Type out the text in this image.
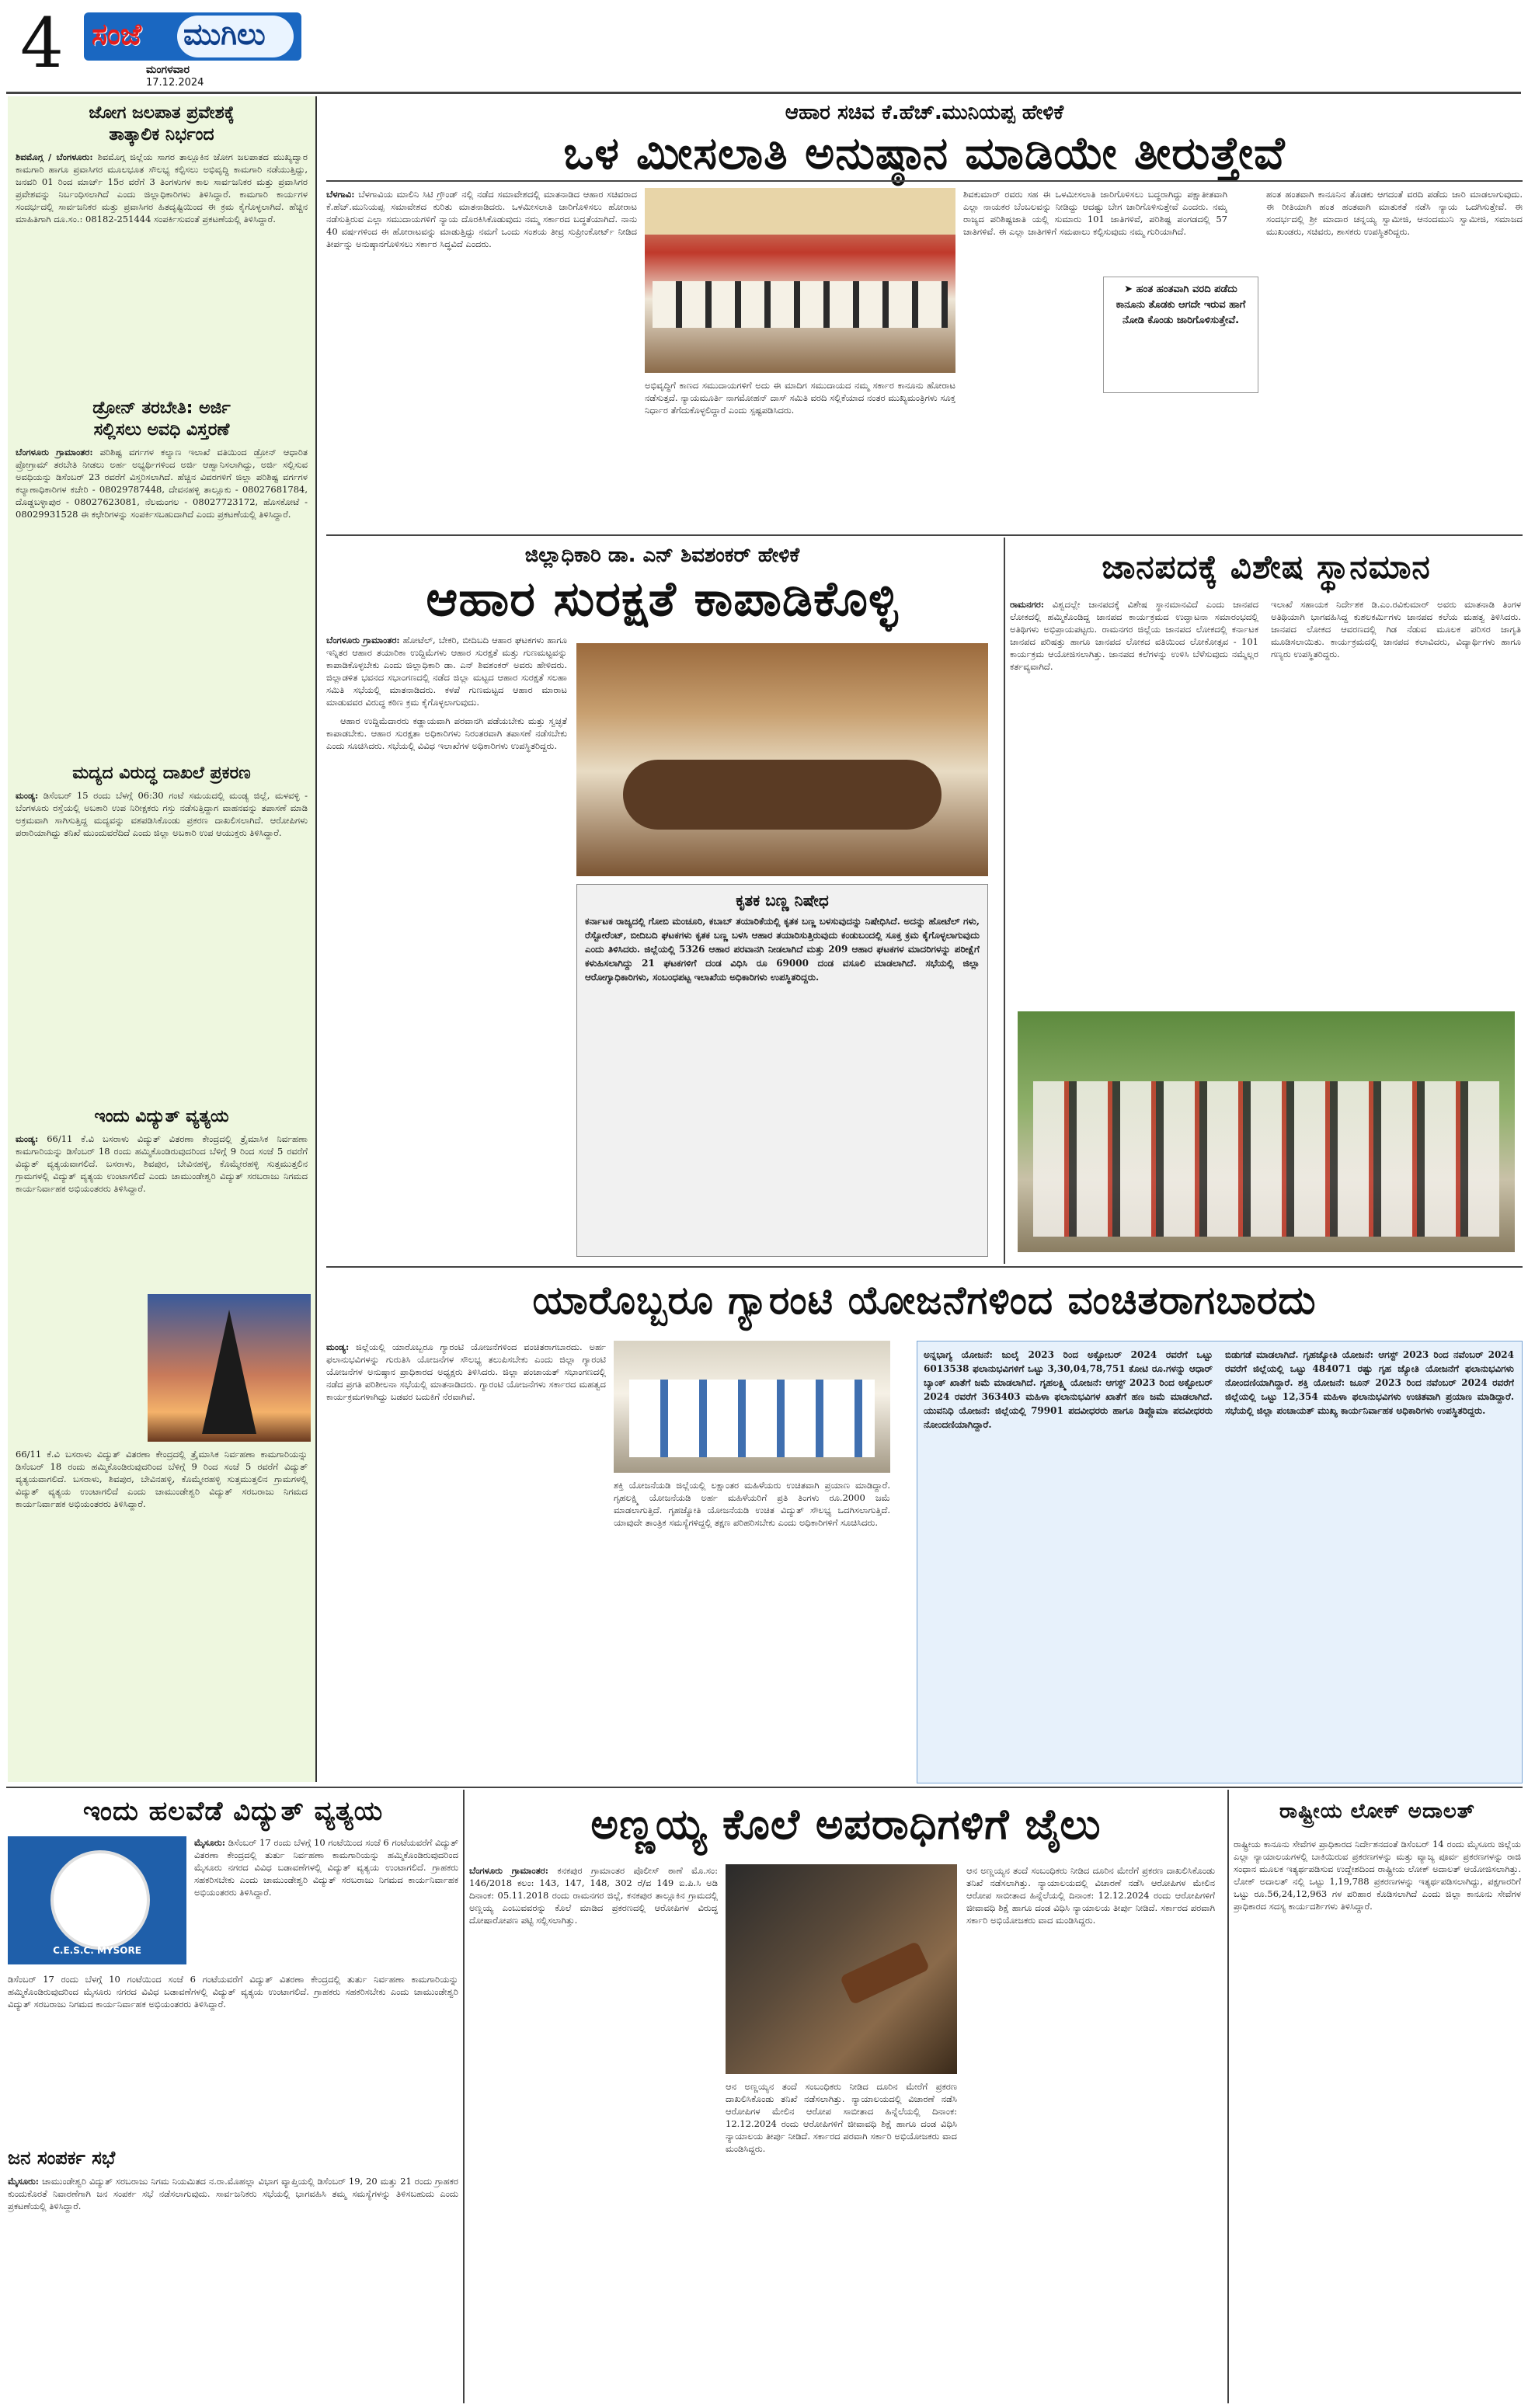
4 ಸಂಜೆ ಮುಗಿಲು
ಮಂಗಳವಾರ
17.12.2024
ಜೋಗ ಜಲಪಾತ ಪ್ರವೇಶಕ್ಕೆ
ತಾತ್ಕಾಲಿಕ ನಿರ್ಭಂದ
ಶಿವಮೊಗ್ಗ / ಬೆಂಗಳೂರು: ಶಿವಮೊಗ್ಗ ಜಿಲ್ಲೆಯ ಸಾಗರ ತಾಲ್ಲೂಕಿನ ಜೋಗ ಜಲಪಾತದ ಮುಖ್ಯದ್ವಾರ ಕಾಮಗಾರಿ ಹಾಗೂ ಪ್ರವಾಸಿಗರ ಮೂಲಭೂತ ಸೌಲಭ್ಯ ಕಲ್ಪಿಸಲು ಅಭಿವೃದ್ಧಿ ಕಾಮಗಾರಿ ನಡೆಯುತ್ತಿದ್ದು, ಜನವರಿ 01 ರಿಂದ ಮಾರ್ಚ್ 15ರ ವರೆಗೆ 3 ತಿಂಗಳುಗಳ ಕಾಲ ಸಾರ್ವಜನಿಕರ ಮತ್ತು ಪ್ರವಾಸಿಗರ ಪ್ರವೇಶವನ್ನು ನಿರ್ಬಂಧಿಸಲಾಗಿದೆ ಎಂದು ಜಿಲ್ಲಾಧಿಕಾರಿಗಳು ತಿಳಿಸಿದ್ದಾರೆ. ಕಾಮಗಾರಿ ಕಾರ್ಯಗಳ ಸಂದರ್ಭದಲ್ಲಿ ಸಾರ್ವಜನಿಕರ ಮತ್ತು ಪ್ರವಾಸಿಗರ ಹಿತದೃಷ್ಟಿಯಿಂದ ಈ ಕ್ರಮ ಕೈಗೊಳ್ಳಲಾಗಿದೆ. ಹೆಚ್ಚಿನ ಮಾಹಿತಿಗಾಗಿ ದೂ.ಸಂ.: 08182-251444 ಸಂಪರ್ಕಿಸುವಂತೆ ಪ್ರಕಟಣೆಯಲ್ಲಿ ತಿಳಿಸಿದ್ದಾರೆ.
ಡ್ರೋನ್ ತರಬೇತಿ: ಅರ್ಜಿ
ಸಲ್ಲಿಸಲು ಅವಧಿ ವಿಸ್ತರಣೆ
ಬೆಂಗಳೂರು ಗ್ರಾಮಾಂತರ: ಪರಿಶಿಷ್ಟ ವರ್ಗಗಳ ಕಲ್ಯಾಣ ಇಲಾಖೆ ವತಿಯಿಂದ ಡ್ರೋನ್ ಆಧಾರಿತ ಪ್ರೋಗ್ರಾಮ್ ತರಬೇತಿ ನೀಡಲು ಅರ್ಹ ಅಭ್ಯರ್ಥಿಗಳಿಂದ ಅರ್ಜಿ ಆಹ್ವಾನಿಸಲಾಗಿದ್ದು, ಅರ್ಜಿ ಸಲ್ಲಿಸುವ ಅವಧಿಯನ್ನು ಡಿಸೆಂಬರ್ 23 ರವರೆಗೆ ವಿಸ್ತರಿಸಲಾಗಿದೆ. ಹೆಚ್ಚಿನ ವಿವರಗಳಿಗೆ ಜಿಲ್ಲಾ ಪರಿಶಿಷ್ಟ ವರ್ಗಗಳ ಕಲ್ಯಾಣಾಧಿಕಾರಿಗಳ ಕಚೇರಿ - 08029787448, ದೇವನಹಳ್ಳಿ ತಾಲ್ಲೂಕು - 08027681784, ದೊಡ್ಡಬಳ್ಳಾಪುರ - 08027623081, ನೆಲಮಂಗಲ - 08027723172, ಹೊಸಕೋಟೆ - 08029931528 ಈ ಕಛೇರಿಗಳನ್ನು ಸಂಪರ್ಕಿಸಬಹುದಾಗಿದೆ ಎಂದು ಪ್ರಕಟಣೆಯಲ್ಲಿ ತಿಳಿಸಿದ್ದಾರೆ.
ಮದ್ಯದ ವಿರುದ್ಧ ದಾಖಲೆ ಪ್ರಕರಣ
ಮಂಡ್ಯ: ಡಿಸೆಂಬರ್ 15 ರಂದು ಬೆಳಗ್ಗೆ 06:30 ಗಂಟೆ ಸಮಯದಲ್ಲಿ ಮಂಡ್ಯ ಜಿಲ್ಲೆ, ಮಳವಳ್ಳಿ - ಬೆಂಗಳೂರು ರಸ್ತೆಯಲ್ಲಿ ಅಬಕಾರಿ ಉಪ ನಿರೀಕ್ಷಕರು ಗಸ್ತು ನಡೆಸುತ್ತಿದ್ದಾಗ ವಾಹನವನ್ನು ತಪಾಸಣೆ ಮಾಡಿ ಅಕ್ರಮವಾಗಿ ಸಾಗಿಸುತ್ತಿದ್ದ ಮದ್ಯವನ್ನು ವಶಪಡಿಸಿಕೊಂಡು ಪ್ರಕರಣ ದಾಖಲಿಸಲಾಗಿದೆ. ಆರೋಪಿಗಳು ಪರಾರಿಯಾಗಿದ್ದು ತನಿಖೆ ಮುಂದುವರೆದಿದೆ ಎಂದು ಜಿಲ್ಲಾ ಅಬಕಾರಿ ಉಪ ಆಯುಕ್ತರು ತಿಳಿಸಿದ್ದಾರೆ.
ಇಂದು ವಿದ್ಯುತ್ ವ್ಯತ್ಯಯ
ಮಂಡ್ಯ: 66/11 ಕೆ.ವಿ ಬಸರಾಳು ವಿದ್ಯುತ್ ವಿತರಣಾ ಕೇಂದ್ರದಲ್ಲಿ ತ್ರೈಮಾಸಿಕ ನಿರ್ವಹಣಾ ಕಾಮಗಾರಿಯನ್ನು ಡಿಸೆಂಬರ್ 18 ರಂದು ಹಮ್ಮಿಕೊಂಡಿರುವುದರಿಂದ ಬೆಳಿಗ್ಗೆ 9 ರಿಂದ ಸಂಜೆ 5 ರವರೆಗೆ ವಿದ್ಯುತ್ ವ್ಯತ್ಯಯವಾಗಲಿದೆ. ಬಸರಾಳು, ಶಿವಪುರ, ಬೇವಿನಹಳ್ಳಿ, ಕೊಮ್ಮೇರಹಳ್ಳಿ ಸುತ್ತಮುತ್ತಲಿನ ಗ್ರಾಮಗಳಲ್ಲಿ ವಿದ್ಯುತ್ ವ್ಯತ್ಯಯ ಉಂಟಾಗಲಿದೆ ಎಂದು ಚಾಮುಂಡೇಶ್ವರಿ ವಿದ್ಯುತ್ ಸರಬರಾಜು ನಿಗಮದ ಕಾರ್ಯನಿರ್ವಾಹಕ ಅಭಿಯಂತರರು ತಿಳಿಸಿದ್ದಾರೆ.
66/11 ಕೆ.ವಿ ಬಸರಾಳು ವಿದ್ಯುತ್ ವಿತರಣಾ ಕೇಂದ್ರದಲ್ಲಿ ತ್ರೈಮಾಸಿಕ ನಿರ್ವಹಣಾ ಕಾಮಗಾರಿಯನ್ನು ಡಿಸೆಂಬರ್ 18 ರಂದು ಹಮ್ಮಿಕೊಂಡಿರುವುದರಿಂದ ಬೆಳಿಗ್ಗೆ 9 ರಿಂದ ಸಂಜೆ 5 ರವರೆಗೆ ವಿದ್ಯುತ್ ವ್ಯತ್ಯಯವಾಗಲಿದೆ. ಬಸರಾಳು, ಶಿವಪುರ, ಬೇವಿನಹಳ್ಳಿ, ಕೊಮ್ಮೇರಹಳ್ಳಿ ಸುತ್ತಮುತ್ತಲಿನ ಗ್ರಾಮಗಳಲ್ಲಿ ವಿದ್ಯುತ್ ವ್ಯತ್ಯಯ ಉಂಟಾಗಲಿದೆ ಎಂದು ಚಾಮುಂಡೇಶ್ವರಿ ವಿದ್ಯುತ್ ಸರಬರಾಜು ನಿಗಮದ ಕಾರ್ಯನಿರ್ವಾಹಕ ಅಭಿಯಂತರರು ತಿಳಿಸಿದ್ದಾರೆ.
ಆಹಾರ ಸಚಿವ ಕೆ.ಹೆಚ್.ಮುನಿಯಪ್ಪ ಹೇಳಿಕೆ
ಒಳ ಮೀಸಲಾತಿ ಅನುಷ್ಠಾನ ಮಾಡಿಯೇ ತೀರುತ್ತೇವೆ
ಬೆಳಗಾವಿ: ಬೆಳಗಾವಿಯ ಮಾಲಿನಿ ಸಿಟಿ ಗ್ರೌಂಡ್ ನಲ್ಲಿ ನಡೆದ ಸಮಾವೇಶದಲ್ಲಿ ಮಾತನಾಡಿದ ಆಹಾರ ಸಚಿವರಾದ ಕೆ.ಹೆಚ್.ಮುನಿಯಪ್ಪ ಸಮಾವೇಶದ ಕುರಿತು ಮಾತನಾಡಿದರು. ಒಳಮೀಸಲಾತಿ ಜಾರಿಗೊಳಿಸಲು ಹೋರಾಟ ನಡೆಸುತ್ತಿರುವ ಎಲ್ಲಾ ಸಮುದಾಯಗಳಿಗೆ ನ್ಯಾಯ ದೊರಕಿಸಿಕೊಡುವುದು ನಮ್ಮ ಸರ್ಕಾರದ ಬದ್ಧತೆಯಾಗಿದೆ. ನಾನು 40 ವರ್ಷಗಳಿಂದ ಈ ಹೋರಾಟವನ್ನು ಮಾಡುತ್ತಿದ್ದು ನಮಗೆ ಒಂದು ಸಂಶಯ ತೀವ್ರ ಸುಪ್ರೀಂಕೋರ್ಟ್ ನೀಡಿದ ತೀರ್ಪನ್ನು ಅನುಷ್ಠಾನಗೊಳಿಸಲು ಸರ್ಕಾರ ಸಿದ್ಧವಿದೆ ಎಂದರು.
ಅಭಿವೃದ್ಧಿಗೆ ಕಾಣದ ಸಮುದಾಯಗಳಿಗೆ ಅದು ಈ ಮಾದಿಗ ಸಮುದಾಯದ ನಮ್ಮ ಸರ್ಕಾರ ಕಾನೂನು ಹೋರಾಟ ನಡೆಸುತ್ತದೆ. ನ್ಯಾಯಮೂರ್ತಿ ನಾಗಮೋಹನ್ ದಾಸ್ ಸಮಿತಿ ವರದಿ ಸಲ್ಲಿಕೆಯಾದ ನಂತರ ಮುಖ್ಯಮಂತ್ರಿಗಳು ಸೂಕ್ತ ನಿರ್ಧಾರ ತೆಗೆದುಕೊಳ್ಳಲಿದ್ದಾರೆ ಎಂದು ಸ್ಪಷ್ಟಪಡಿಸಿದರು.
ಶಿವಕುಮಾರ್ ರವರು ಸಹ ಈ ಒಳಮೀಸಲಾತಿ ಜಾರಿಗೊಳಿಸಲು ಬದ್ಧರಾಗಿದ್ದು ಪಕ್ಷಾತೀತವಾಗಿ ಎಲ್ಲಾ ನಾಯಕರ ಬೆಂಬಲವನ್ನು ನೀಡಿದ್ದು ಆದಷ್ಟು ಬೇಗ ಜಾರಿಗೊಳಿಸುತ್ತೇವೆ ಎಂದರು. ನಮ್ಮ ರಾಜ್ಯದ ಪರಿಶಿಷ್ಟಜಾತಿ ಯಲ್ಲಿ ಸುಮಾರು 101 ಜಾತಿಗಳಿವೆ, ಪರಿಶಿಷ್ಟ ಪಂಗಡದಲ್ಲಿ 57 ಜಾತಿಗಳಿವೆ. ಈ ಎಲ್ಲಾ ಜಾತಿಗಳಿಗೆ ಸಮಪಾಲು ಕಲ್ಪಿಸುವುದು ನಮ್ಮ ಗುರಿಯಾಗಿದೆ.
➤ ಹಂತ ಹಂತವಾಗಿ ವರದಿ ಪಡೆದು ಕಾನೂನು ತೊಡಕು ಆಗದೇ ಇರುವ ಹಾಗೆ ನೋಡಿ ಕೊಂಡು ಜಾರಿಗೊಳಿಸುತ್ತೇವೆ.
ಹಂತ ಹಂತವಾಗಿ ಕಾನೂನಿನ ತೊಡಕು ಆಗದಂತೆ ವರದಿ ಪಡೆದು ಜಾರಿ ಮಾಡಲಾಗುವುದು. ಈ ರೀತಿಯಾಗಿ ಹಂತ ಹಂತವಾಗಿ ಮಾತುಕತೆ ನಡೆಸಿ ನ್ಯಾಯ ಒದಗಿಸುತ್ತೇವೆ. ಈ ಸಂದರ್ಭದಲ್ಲಿ ಶ್ರೀ ಮಾದಾರ ಚನ್ನಯ್ಯ ಸ್ವಾಮೀಜಿ, ಆನಂದಮುನಿ ಸ್ವಾಮೀಜಿ, ಸಮಾಜದ ಮುಖಂಡರು, ಸಚಿವರು, ಶಾಸಕರು ಉಪಸ್ಥಿತರಿದ್ದರು.
ಜಿಲ್ಲಾಧಿಕಾರಿ ಡಾ. ಎನ್ ಶಿವಶಂಕರ್ ಹೇಳಿಕೆ
ಆಹಾರ ಸುರಕ್ಷತೆ ಕಾಪಾಡಿಕೊಳ್ಳಿ
ಬೆಂಗಳೂರು ಗ್ರಾಮಾಂತರ: ಹೋಟೆಲ್, ಬೇಕರಿ, ಬೀದಿಬದಿ ಆಹಾರ ಘಟಕಗಳು ಹಾಗೂ ಇನ್ನಿತರ ಆಹಾರ ತಯಾರಿಕಾ ಉದ್ದಿಮೆಗಳು ಆಹಾರ ಸುರಕ್ಷತೆ ಮತ್ತು ಗುಣಮಟ್ಟವನ್ನು ಕಾಪಾಡಿಕೊಳ್ಳಬೇಕು ಎಂದು ಜಿಲ್ಲಾಧಿಕಾರಿ ಡಾ. ಎನ್ ಶಿವಶಂಕರ್ ಅವರು ಹೇಳಿದರು. ಜಿಲ್ಲಾಡಳಿತ ಭವನದ ಸಭಾಂಗಣದಲ್ಲಿ ನಡೆದ ಜಿಲ್ಲಾ ಮಟ್ಟದ ಆಹಾರ ಸುರಕ್ಷತೆ ಸಲಹಾ ಸಮಿತಿ ಸಭೆಯಲ್ಲಿ ಮಾತನಾಡಿದರು. ಕಳಪೆ ಗುಣಮಟ್ಟದ ಆಹಾರ ಮಾರಾಟ ಮಾಡುವವರ ವಿರುದ್ಧ ಕಠಿಣ ಕ್ರಮ ಕೈಗೊಳ್ಳಲಾಗುವುದು.

ಆಹಾರ ಉದ್ದಿಮೆದಾರರು ಕಡ್ಡಾಯವಾಗಿ ಪರವಾನಗಿ ಪಡೆಯಬೇಕು ಮತ್ತು ಸ್ವಚ್ಛತೆ ಕಾಪಾಡಬೇಕು. ಆಹಾರ ಸುರಕ್ಷತಾ ಅಧಿಕಾರಿಗಳು ನಿರಂತರವಾಗಿ ತಪಾಸಣೆ ನಡೆಸಬೇಕು ಎಂದು ಸೂಚಿಸಿದರು. ಸಭೆಯಲ್ಲಿ ವಿವಿಧ ಇಲಾಖೆಗಳ ಅಧಿಕಾರಿಗಳು ಉಪಸ್ಥಿತರಿದ್ದರು.

ಕೃತಕ ಬಣ್ಣ ನಿಷೇಧ
ಕರ್ನಾಟಕ ರಾಜ್ಯದಲ್ಲಿ ಗೋಬಿ ಮಂಚೂರಿ, ಕಬಾಬ್ ತಯಾರಿಕೆಯಲ್ಲಿ ಕೃತಕ ಬಣ್ಣ ಬಳಸುವುದನ್ನು ನಿಷೇಧಿಸಿದೆ. ಅದನ್ನು ಹೋಟೆಲ್ ಗಳು, ರೆಸ್ಟೋರೆಂಟ್, ಬೀದಿಬದಿ ಘಟಕಗಳು ಕೃತಕ ಬಣ್ಣ ಬಳಸಿ ಆಹಾರ ತಯಾರಿಸುತ್ತಿರುವುದು ಕಂಡುಬಂದಲ್ಲಿ ಸೂಕ್ತ ಕ್ರಮ ಕೈಗೊಳ್ಳಲಾಗುವುದು ಎಂದು ತಿಳಿಸಿದರು. ಜಿಲ್ಲೆಯಲ್ಲಿ 5326 ಆಹಾರ ಪರವಾನಗಿ ನೀಡಲಾಗಿದೆ ಮತ್ತು 209 ಆಹಾರ ಘಟಕಗಳ ಮಾದರಿಗಳನ್ನು ಪರೀಕ್ಷೆಗೆ ಕಳುಹಿಸಲಾಗಿದ್ದು 21 ಘಟಕಗಳಿಗೆ ದಂಡ ವಿಧಿಸಿ ರೂ 69000 ದಂಡ ವಸೂಲಿ ಮಾಡಲಾಗಿದೆ. ಸಭೆಯಲ್ಲಿ ಜಿಲ್ಲಾ ಆರೋಗ್ಯಾಧಿಕಾರಿಗಳು, ಸಂಬಂಧಪಟ್ಟ ಇಲಾಖೆಯ ಅಧಿಕಾರಿಗಳು ಉಪಸ್ಥಿತರಿದ್ದರು.
ಜಾನಪದಕ್ಕೆ ವಿಶೇಷ ಸ್ಥಾನಮಾನ
ರಾಮನಗರ: ವಿಶ್ವದಲ್ಲೇ ಜಾನಪದಕ್ಕೆ ವಿಶೇಷ ಸ್ಥಾನಮಾನವಿದೆ ಎಂದು ಜಾನಪದ ಲೋಕದಲ್ಲಿ ಹಮ್ಮಿಕೊಂಡಿದ್ದ ಜಾನಪದ ಕಾರ್ಯಕ್ರಮದ ಉದ್ಘಾಟನಾ ಸಮಾರಂಭದಲ್ಲಿ ಅತಿಥಿಗಳು ಅಭಿಪ್ರಾಯಪಟ್ಟರು. ರಾಮನಗರ ಜಿಲ್ಲೆಯ ಜಾನಪದ ಲೋಕದಲ್ಲಿ ಕರ್ನಾಟಕ ಜಾನಪದ ಪರಿಷತ್ತು ಹಾಗೂ ಜಾನಪದ ಲೋಕದ ವತಿಯಿಂದ ಲೋಕೋತ್ಸವ - 101 ಕಾರ್ಯಕ್ರಮ ಆಯೋಜಿಸಲಾಗಿತ್ತು. ಜಾನಪದ ಕಲೆಗಳನ್ನು ಉಳಿಸಿ ಬೆಳೆಸುವುದು ನಮ್ಮೆಲ್ಲರ ಕರ್ತವ್ಯವಾಗಿದೆ.
ಇಲಾಖೆ ಸಹಾಯಕ ನಿರ್ದೇಶಕ ಡಿ.ಎಂ.ರವಿಕುಮಾರ್ ಅವರು ಮಾತನಾಡಿ ತಿಂಗಳ ಅತಿಥಿಯಾಗಿ ಭಾಗವಹಿಸಿದ್ದ ಕುಶಲಕರ್ಮಿಗಳು ಜಾನಪದ ಕಲೆಯ ಮಹತ್ವ ತಿಳಿಸಿದರು. ಜಾನಪದ ಲೋಕದ ಆವರಣದಲ್ಲಿ ಗಿಡ ನೆಡುವ ಮೂಲಕ ಪರಿಸರ ಜಾಗೃತಿ ಮೂಡಿಸಲಾಯಿತು. ಕಾರ್ಯಕ್ರಮದಲ್ಲಿ ಜಾನಪದ ಕಲಾವಿದರು, ವಿದ್ಯಾರ್ಥಿಗಳು ಹಾಗೂ ಗಣ್ಯರು ಉಪಸ್ಥಿತರಿದ್ದರು.
ಯಾರೊಬ್ಬರೂ ಗ್ಯಾರಂಟಿ ಯೋಜನೆಗಳಿಂದ ವಂಚಿತರಾಗಬಾರದು
ಮಂಡ್ಯ: ಜಿಲ್ಲೆಯಲ್ಲಿ ಯಾರೊಬ್ಬರೂ ಗ್ಯಾರಂಟಿ ಯೋಜನೆಗಳಿಂದ ವಂಚಿತರಾಗಬಾರದು. ಅರ್ಹ ಫಲಾನುಭವಿಗಳನ್ನು ಗುರುತಿಸಿ ಯೋಜನೆಗಳ ಸೌಲಭ್ಯ ತಲುಪಿಸಬೇಕು ಎಂದು ಜಿಲ್ಲಾ ಗ್ಯಾರಂಟಿ ಯೋಜನೆಗಳ ಅನುಷ್ಠಾನ ಪ್ರಾಧಿಕಾರದ ಅಧ್ಯಕ್ಷರು ತಿಳಿಸಿದರು. ಜಿಲ್ಲಾ ಪಂಚಾಯತ್ ಸಭಾಂಗಣದಲ್ಲಿ ನಡೆದ ಪ್ರಗತಿ ಪರಿಶೀಲನಾ ಸಭೆಯಲ್ಲಿ ಮಾತನಾಡಿದರು. ಗ್ಯಾರಂಟಿ ಯೋಜನೆಗಳು ಸರ್ಕಾರದ ಮಹತ್ವದ ಕಾರ್ಯಕ್ರಮಗಳಾಗಿದ್ದು ಬಡವರ ಬದುಕಿಗೆ ನೆರವಾಗಿವೆ.
ಶಕ್ತಿ ಯೋಜನೆಯಡಿ ಜಿಲ್ಲೆಯಲ್ಲಿ ಲಕ್ಷಾಂತರ ಮಹಿಳೆಯರು ಉಚಿತವಾಗಿ ಪ್ರಯಾಣ ಮಾಡಿದ್ದಾರೆ. ಗೃಹಲಕ್ಷ್ಮಿ ಯೋಜನೆಯಡಿ ಅರ್ಹ ಮಹಿಳೆಯರಿಗೆ ಪ್ರತಿ ತಿಂಗಳು ರೂ.2000 ಜಮೆ ಮಾಡಲಾಗುತ್ತಿದೆ. ಗೃಹಜ್ಯೋತಿ ಯೋಜನೆಯಡಿ ಉಚಿತ ವಿದ್ಯುತ್ ಸೌಲಭ್ಯ ಒದಗಿಸಲಾಗುತ್ತಿದೆ. ಯಾವುದೇ ತಾಂತ್ರಿಕ ಸಮಸ್ಯೆಗಳಿದ್ದಲ್ಲಿ ತಕ್ಷಣ ಪರಿಹರಿಸಬೇಕು ಎಂದು ಅಧಿಕಾರಿಗಳಿಗೆ ಸೂಚಿಸಿದರು.
ಅನ್ನಭಾಗ್ಯ ಯೋಜನೆ: ಜುಲೈ 2023 ರಿಂದ ಅಕ್ಟೋಬರ್ 2024 ರವರೆಗೆ ಒಟ್ಟು 6013538 ಫಲಾನುಭವಿಗಳಿಗೆ ಒಟ್ಟು 3,30,04,78,751 ಕೋಟಿ ರೂ.ಗಳನ್ನು ಆಧಾರ್ ಬ್ಯಾಂಕ್ ಖಾತೆಗೆ ಜಮೆ ಮಾಡಲಾಗಿದೆ. ಗೃಹಲಕ್ಷ್ಮಿ ಯೋಜನೆ: ಆಗಸ್ಟ್ 2023 ರಿಂದ ಅಕ್ಟೋಬರ್ 2024 ರವರೆಗೆ 363403 ಮಹಿಳಾ ಫಲಾನುಭವಿಗಳ ಖಾತೆಗೆ ಹಣ ಜಮೆ ಮಾಡಲಾಗಿದೆ. ಯುವನಿಧಿ ಯೋಜನೆ: ಜಿಲ್ಲೆಯಲ್ಲಿ 79901 ಪದವೀಧರರು ಹಾಗೂ ಡಿಪ್ಲೊಮಾ ಪದವೀಧರರು ನೋಂದಣಿಯಾಗಿದ್ದಾರೆ.
ಬಿಡುಗಡೆ ಮಾಡಲಾಗಿದೆ. ಗೃಹಜ್ಯೋತಿ ಯೋಜನೆ: ಆಗಸ್ಟ್ 2023 ರಿಂದ ನವೆಂಬರ್ 2024 ರವರೆಗೆ ಜಿಲ್ಲೆಯಲ್ಲಿ ಒಟ್ಟು 484071 ರಷ್ಟು ಗೃಹ ಜ್ಯೋತಿ ಯೋಜನೆಗೆ ಫಲಾನುಭವಿಗಳು ನೋಂದಣಿಯಾಗಿದ್ದಾರೆ. ಶಕ್ತಿ ಯೋಜನೆ: ಜೂನ್ 2023 ರಿಂದ ನವೆಂಬರ್ 2024 ರವರೆಗೆ ಜಿಲ್ಲೆಯಲ್ಲಿ ಒಟ್ಟು 12,354 ಮಹಿಳಾ ಫಲಾನುಭವಿಗಳು ಉಚಿತವಾಗಿ ಪ್ರಯಾಣ ಮಾಡಿದ್ದಾರೆ. ಸಭೆಯಲ್ಲಿ ಜಿಲ್ಲಾ ಪಂಚಾಯತ್ ಮುಖ್ಯ ಕಾರ್ಯನಿರ್ವಾಹಕ ಅಧಿಕಾರಿಗಳು ಉಪಸ್ಥಿತರಿದ್ದರು.
ಇಂದು ಹಲವೆಡೆ ವಿದ್ಯುತ್ ವ್ಯತ್ಯಯ
C.E.S.C. MYSORE
ಮೈಸೂರು: ಡಿಸೆಂಬರ್ 17 ರಂದು ಬೆಳಗ್ಗೆ 10 ಗಂಟೆಯಿಂದ ಸಂಜೆ 6 ಗಂಟೆಯವರೆಗೆ ವಿದ್ಯುತ್ ವಿತರಣಾ ಕೇಂದ್ರದಲ್ಲಿ ತುರ್ತು ನಿರ್ವಹಣಾ ಕಾಮಗಾರಿಯನ್ನು ಹಮ್ಮಿಕೊಂಡಿರುವುದರಿಂದ ಮೈಸೂರು ನಗರದ ವಿವಿಧ ಬಡಾವಣೆಗಳಲ್ಲಿ ವಿದ್ಯುತ್ ವ್ಯತ್ಯಯ ಉಂಟಾಗಲಿದೆ. ಗ್ರಾಹಕರು ಸಹಕರಿಸಬೇಕು ಎಂದು ಚಾಮುಂಡೇಶ್ವರಿ ವಿದ್ಯುತ್ ಸರಬರಾಜು ನಿಗಮದ ಕಾರ್ಯನಿರ್ವಾಹಕ ಅಭಿಯಂತರರು ತಿಳಿಸಿದ್ದಾರೆ.
ಡಿಸೆಂಬರ್ 17 ರಂದು ಬೆಳಗ್ಗೆ 10 ಗಂಟೆಯಿಂದ ಸಂಜೆ 6 ಗಂಟೆಯವರೆಗೆ ವಿದ್ಯುತ್ ವಿತರಣಾ ಕೇಂದ್ರದಲ್ಲಿ ತುರ್ತು ನಿರ್ವಹಣಾ ಕಾಮಗಾರಿಯನ್ನು ಹಮ್ಮಿಕೊಂಡಿರುವುದರಿಂದ ಮೈಸೂರು ನಗರದ ವಿವಿಧ ಬಡಾವಣೆಗಳಲ್ಲಿ ವಿದ್ಯುತ್ ವ್ಯತ್ಯಯ ಉಂಟಾಗಲಿದೆ. ಗ್ರಾಹಕರು ಸಹಕರಿಸಬೇಕು ಎಂದು ಚಾಮುಂಡೇಶ್ವರಿ ವಿದ್ಯುತ್ ಸರಬರಾಜು ನಿಗಮದ ಕಾರ್ಯನಿರ್ವಾಹಕ ಅಭಿಯಂತರರು ತಿಳಿಸಿದ್ದಾರೆ.
ಜನ ಸಂಪರ್ಕ ಸಭೆ
ಮೈಸೂರು: ಚಾಮುಂಡೇಶ್ವರಿ ವಿದ್ಯುತ್ ಸರಬರಾಜು ನಿಗಮ ನಿಯಮಿತದ ನ.ರಾ.ಮೊಹಲ್ಲಾ ವಿಭಾಗ ವ್ಯಾಪ್ತಿಯಲ್ಲಿ ಡಿಸೆಂಬರ್ 19, 20 ಮತ್ತು 21 ರಂದು ಗ್ರಾಹಕರ ಕುಂದುಕೊರತೆ ನಿವಾರಣೆಗಾಗಿ ಜನ ಸಂಪರ್ಕ ಸಭೆ ನಡೆಸಲಾಗುವುದು. ಸಾರ್ವಜನಿಕರು ಸಭೆಯಲ್ಲಿ ಭಾಗವಹಿಸಿ ತಮ್ಮ ಸಮಸ್ಯೆಗಳನ್ನು ತಿಳಿಸಬಹುದು ಎಂದು ಪ್ರಕಟಣೆಯಲ್ಲಿ ತಿಳಿಸಿದ್ದಾರೆ.
ಅಣ್ಣಯ್ಯ ಕೊಲೆ ಅಪರಾಧಿಗಳಿಗೆ ಜೈಲು
ಬೆಂಗಳೂರು ಗ್ರಾಮಾಂತರ: ಕನಕಪುರ ಗ್ರಾಮಾಂತರ ಪೊಲೀಸ್ ಠಾಣೆ ಮೊ.ಸಂ: 146/2018 ಕಲಂ: 143, 147, 148, 302 ರೆ/ವ 149 ಐ.ಪಿ.ಸಿ ಅಡಿ ದಿನಾಂಕ: 05.11.2018 ರಂದು ರಾಮನಗರ ಜಿಲ್ಲೆ, ಕನಕಪುರ ತಾಲ್ಲೂಕಿನ ಗ್ರಾಮದಲ್ಲಿ ಅಣ್ಣಯ್ಯ ಎಂಬುವವರನ್ನು ಕೊಲೆ ಮಾಡಿದ ಪ್ರಕರಣದಲ್ಲಿ ಆರೋಪಿಗಳ ವಿರುದ್ಧ ದೋಷಾರೋಪಣ ಪಟ್ಟಿ ಸಲ್ಲಿಸಲಾಗಿತ್ತು.
ಆನ ಅಣ್ಣಯ್ಯನ ತಂದೆ ಸಂಬಂಧಿಕರು ನೀಡಿದ ದೂರಿನ ಮೇರೆಗೆ ಪ್ರಕರಣ ದಾಖಲಿಸಿಕೊಂಡು ತನಿಖೆ ನಡೆಸಲಾಗಿತ್ತು. ನ್ಯಾಯಾಲಯದಲ್ಲಿ ವಿಚಾರಣೆ ನಡೆಸಿ ಆರೋಪಿಗಳ ಮೇಲಿನ ಆರೋಪ ಸಾಬೀತಾದ ಹಿನ್ನೆಲೆಯಲ್ಲಿ ದಿನಾಂಕ: 12.12.2024 ರಂದು ಆರೋಪಿಗಳಿಗೆ ಜೀವಾವಧಿ ಶಿಕ್ಷೆ ಹಾಗೂ ದಂಡ ವಿಧಿಸಿ ನ್ಯಾಯಾಲಯ ತೀರ್ಪು ನೀಡಿದೆ. ಸರ್ಕಾರದ ಪರವಾಗಿ ಸರ್ಕಾರಿ ಅಭಿಯೋಜಕರು ವಾದ ಮಂಡಿಸಿದ್ದರು.
ಆನ ಅಣ್ಣಯ್ಯನ ತಂದೆ ಸಂಬಂಧಿಕರು ನೀಡಿದ ದೂರಿನ ಮೇರೆಗೆ ಪ್ರಕರಣ ದಾಖಲಿಸಿಕೊಂಡು ತನಿಖೆ ನಡೆಸಲಾಗಿತ್ತು. ನ್ಯಾಯಾಲಯದಲ್ಲಿ ವಿಚಾರಣೆ ನಡೆಸಿ ಆರೋಪಿಗಳ ಮೇಲಿನ ಆರೋಪ ಸಾಬೀತಾದ ಹಿನ್ನೆಲೆಯಲ್ಲಿ ದಿನಾಂಕ: 12.12.2024 ರಂದು ಆರೋಪಿಗಳಿಗೆ ಜೀವಾವಧಿ ಶಿಕ್ಷೆ ಹಾಗೂ ದಂಡ ವಿಧಿಸಿ ನ್ಯಾಯಾಲಯ ತೀರ್ಪು ನೀಡಿದೆ. ಸರ್ಕಾರದ ಪರವಾಗಿ ಸರ್ಕಾರಿ ಅಭಿಯೋಜಕರು ವಾದ ಮಂಡಿಸಿದ್ದರು.
ರಾಷ್ಟ್ರೀಯ ಲೋಕ್ ಅದಾಲತ್
ರಾಷ್ಟ್ರೀಯ ಕಾನೂನು ಸೇವೆಗಳ ಪ್ರಾಧಿಕಾರದ ನಿರ್ದೇಶನದಂತೆ ಡಿಸೆಂಬರ್ 14 ರಂದು ಮೈಸೂರು ಜಿಲ್ಲೆಯ ಎಲ್ಲಾ ನ್ಯಾಯಾಲಯಗಳಲ್ಲಿ ಬಾಕಿಯಿರುವ ಪ್ರಕರಣಗಳನ್ನು ಮತ್ತು ವ್ಯಾಜ್ಯ ಪೂರ್ವ ಪ್ರಕರಣಗಳನ್ನು ರಾಜಿ ಸಂಧಾನ ಮೂಲಕ ಇತ್ಯರ್ಥಪಡಿಸುವ ಉದ್ದೇಶದಿಂದ ರಾಷ್ಟ್ರೀಯ ಲೋಕ್ ಅದಾಲತ್ ಆಯೋಜಿಸಲಾಗಿತ್ತು. ಲೋಕ್ ಅದಾಲತ್ ನಲ್ಲಿ ಒಟ್ಟು 1,19,788 ಪ್ರಕರಣಗಳನ್ನು ಇತ್ಯರ್ಥಪಡಿಸಲಾಗಿದ್ದು, ಪಕ್ಷಗಾರರಿಗೆ ಒಟ್ಟು ರೂ.56,24,12,963 ಗಳ ಪರಿಹಾರ ಕೊಡಿಸಲಾಗಿದೆ ಎಂದು ಜಿಲ್ಲಾ ಕಾನೂನು ಸೇವೆಗಳ ಪ್ರಾಧಿಕಾರದ ಸದಸ್ಯ ಕಾರ್ಯದರ್ಶಿಗಳು ತಿಳಿಸಿದ್ದಾರೆ.
